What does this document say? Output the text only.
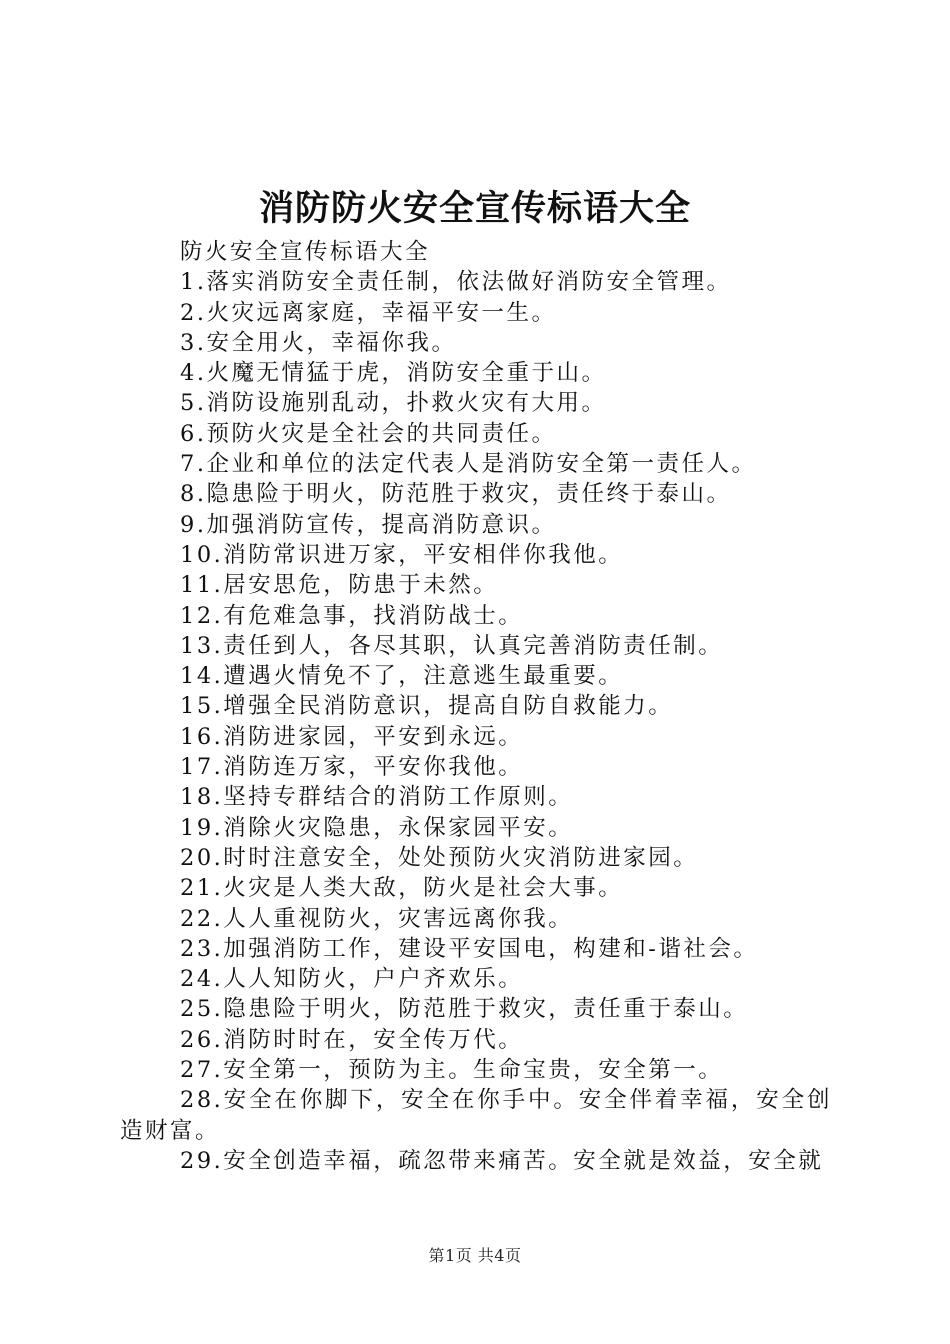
消防防火安全宣传标语大全

防火安全宣传标语大全

1.落实消防安全责任制，依法做好消防安全管理。

2.火灾远离家庭，幸福平安一生。

3.安全用火，幸福你我。

4.火魔无情猛于虎，消防安全重于山。

5.消防设施别乱动，扑救火灾有大用。

6.预防火灾是全社会的共同责任。

7.企业和单位的法定代表人是消防安全第一责任人。

8.隐患险于明火，防范胜于救灾，责任终于泰山。

9.加强消防宣传，提高消防意识。

10.消防常识进万家，平安相伴你我他。

11.居安思危，防患于未然。

12.有危难急事，找消防战士。

13.责任到人，各尽其职，认真完善消防责任制。

14.遭遇火情免不了，注意逃生最重要。

15.增强全民消防意识，提高自防自救能力。

16.消防进家园，平安到永远。

17.消防连万家，平安你我他。

18.坚持专群结合的消防工作原则。

19.消除火灾隐患，永保家园平安。

20.时时注意安全，处处预防火灾消防进家园。

21.火灾是人类大敌，防火是社会大事。

22.人人重视防火，灾害远离你我。

23.加强消防工作，建设平安国电，构建和-谐社会。

24.人人知防火，户户齐欢乐。

25.隐患险于明火，防范胜于救灾，责任重于泰山。

26.消防时时在，安全传万代。

27.安全第一，预防为主。生命宝贵，安全第一。

28.安全在你脚下，安全在你手中。安全伴着幸福，安全创造财富。

29.安全创造幸福，疏忽带来痛苦。安全就是效益，安全就

第1页 共4页
